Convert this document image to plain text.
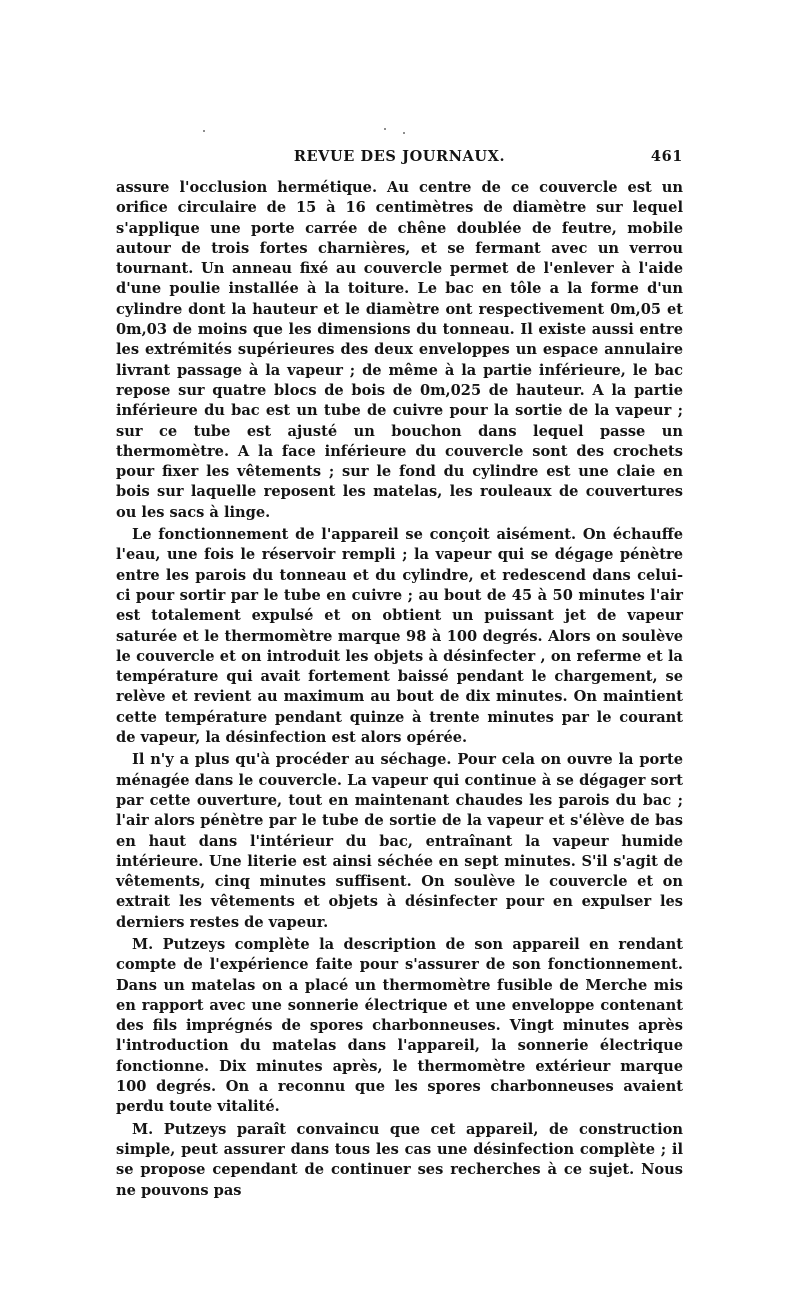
REVUE DES JOURNAUX.	461

assure l'occlusion hermétique. Au centre de ce couvercle est un orifice circulaire de 15 à 16 centimètres de diamètre sur lequel s'applique une porte carrée de chêne doublée de feutre, mobile autour de trois fortes charnières, et se fermant avec un verrou tournant. Un anneau fixé au couvercle permet de l'enlever à l'aide d'une poulie installée à la toiture. Le bac en tôle a la forme d'un cylindre dont la hauteur et le diamètre ont respectivement 0m,05 et 0m,03 de moins que les dimensions du tonneau. Il existe aussi entre les extrémités supérieures des deux enveloppes un espace annulaire livrant passage à la vapeur ; de même à la partie inférieure, le bac repose sur quatre blocs de bois de 0m,025 de hauteur. A la partie inférieure du bac est un tube de cuivre pour la sortie de la vapeur ; sur ce tube est ajusté un bouchon dans lequel passe un thermomètre. A la face inférieure du couvercle sont des crochets pour fixer les vêtements ; sur le fond du cylindre est une claie en bois sur laquelle reposent les matelas, les rouleaux de couvertures ou les sacs à linge.

Le fonctionnement de l'appareil se conçoit aisément. On échauffe l'eau, une fois le réservoir rempli ; la vapeur qui se dégage pénètre entre les parois du tonneau et du cylindre, et redescend dans celui-ci pour sortir par le tube en cuivre ; au bout de 45 à 50 minutes l'air est totalement expulsé et on obtient un puissant jet de vapeur saturée et le thermomètre marque 98 à 100 degrés. Alors on soulève le couvercle et on introduit les objets à désinfecter , on referme et la température qui avait fortement baissé pendant le chargement, se relève et revient au maximum au bout de dix minutes. On maintient cette température pendant quinze à trente minutes par le courant de vapeur, la désinfection est alors opérée.

Il n'y a plus qu'à procéder au séchage. Pour cela on ouvre la porte ménagée dans le couvercle. La vapeur qui continue à se dégager sort par cette ouverture, tout en maintenant chaudes les parois du bac ; l'air alors pénètre par le tube de sortie de la vapeur et s'élève de bas en haut dans l'intérieur du bac, entraînant la vapeur humide intérieure. Une literie est ainsi séchée en sept minutes. S'il s'agit de vêtements, cinq minutes suffisent. On soulève le couvercle et on extrait les vêtements et objets à désinfecter pour en expulser les derniers restes de vapeur.

M. Putzeys complète la description de son appareil en rendant compte de l'expérience faite pour s'assurer de son fonctionnement. Dans un matelas on a placé un thermomètre fusible de Merche mis en rapport avec une sonnerie électrique et une enveloppe contenant des fils imprégnés de spores charbonneuses. Vingt minutes après l'introduction du matelas dans l'appareil, la sonnerie électrique fonctionne. Dix minutes après, le thermomètre extérieur marque 100 degrés. On a reconnu que les spores charbonneuses avaient perdu toute vitalité.

M. Putzeys paraît convaincu que cet appareil, de construction simple, peut assurer dans tous les cas une désinfection complète ; il se propose cependant de continuer ses recherches à ce sujet. Nous ne pouvons pas
